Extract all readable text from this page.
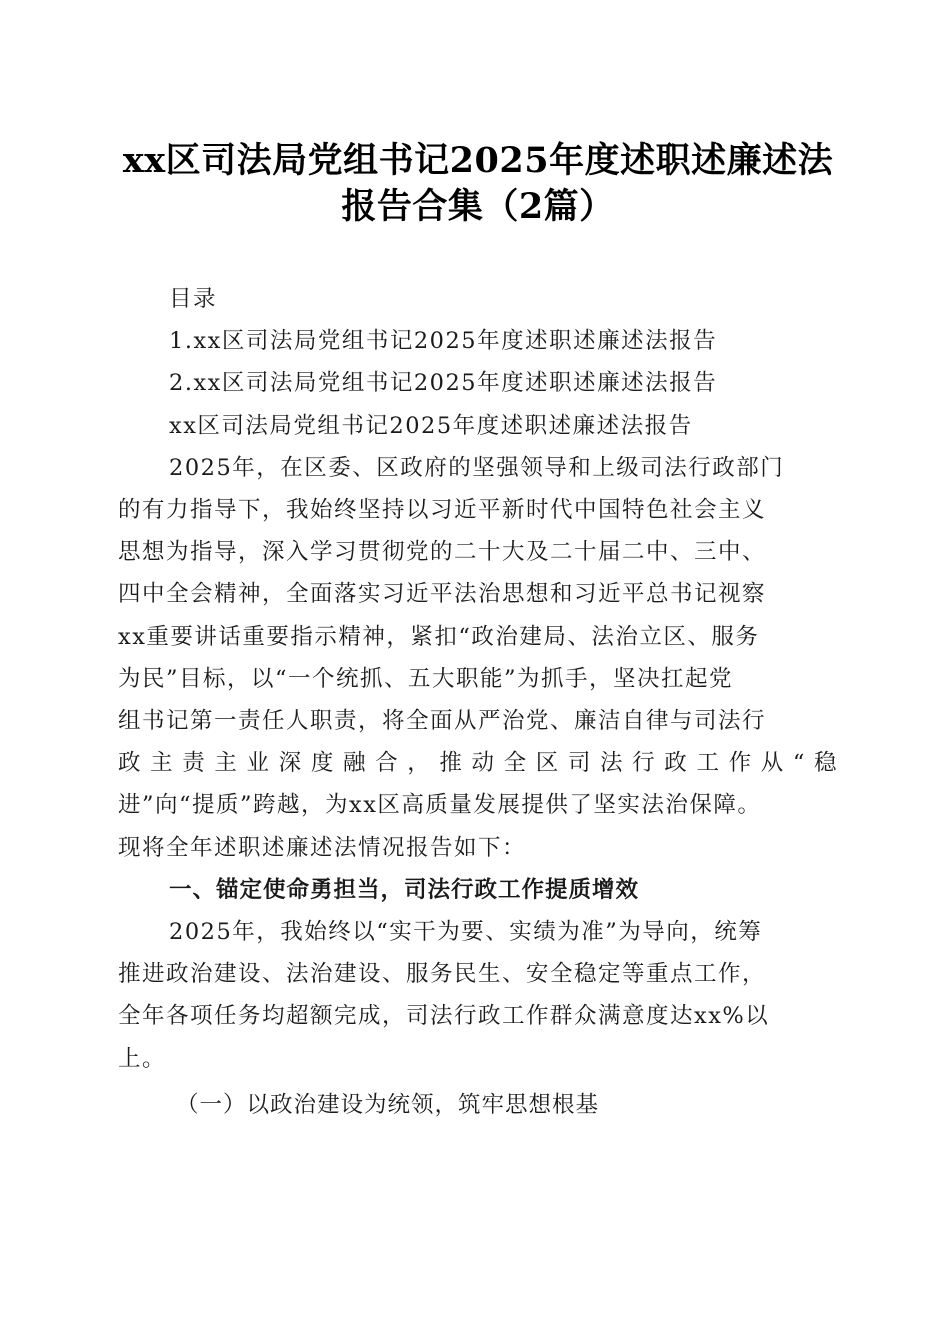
xx区司法局党组书记2025年度述职述廉述法
报告合集（2篇）
目录
1.xx区司法局党组书记2025年度述职述廉述法报告
2.xx区司法局党组书记2025年度述职述廉述法报告
xx区司法局党组书记2025年度述职述廉述法报告
2025年，在区委、区政府的坚强领导和上级司法行政部门
的有力指导下，我始终坚持以习近平新时代中国特色社会主义
思想为指导，深入学习贯彻党的二十大及二十届二中、三中、
四中全会精神，全面落实习近平法治思想和习近平总书记视察
xx重要讲话重要指示精神，紧扣“政治建局、法治立区、服务
为民”目标，以“一个统抓、五大职能”为抓手，坚决扛起党
组书记第一责任人职责，将全面从严治党、廉洁自律与司法行
政主责主业深度融合，推动全区司法行政工作从“稳
进”向“提质”跨越，为xx区高质量发展提供了坚实法治保障。
现将全年述职述廉述法情况报告如下：
一、锚定使命勇担当，司法行政工作提质增效
2025年，我始终以“实干为要、实绩为准”为导向，统筹
推进政治建设、法治建设、服务民生、安全稳定等重点工作，
全年各项任务均超额完成，司法行政工作群众满意度达xx%以
上。
（一）以政治建设为统领，筑牢思想根基
